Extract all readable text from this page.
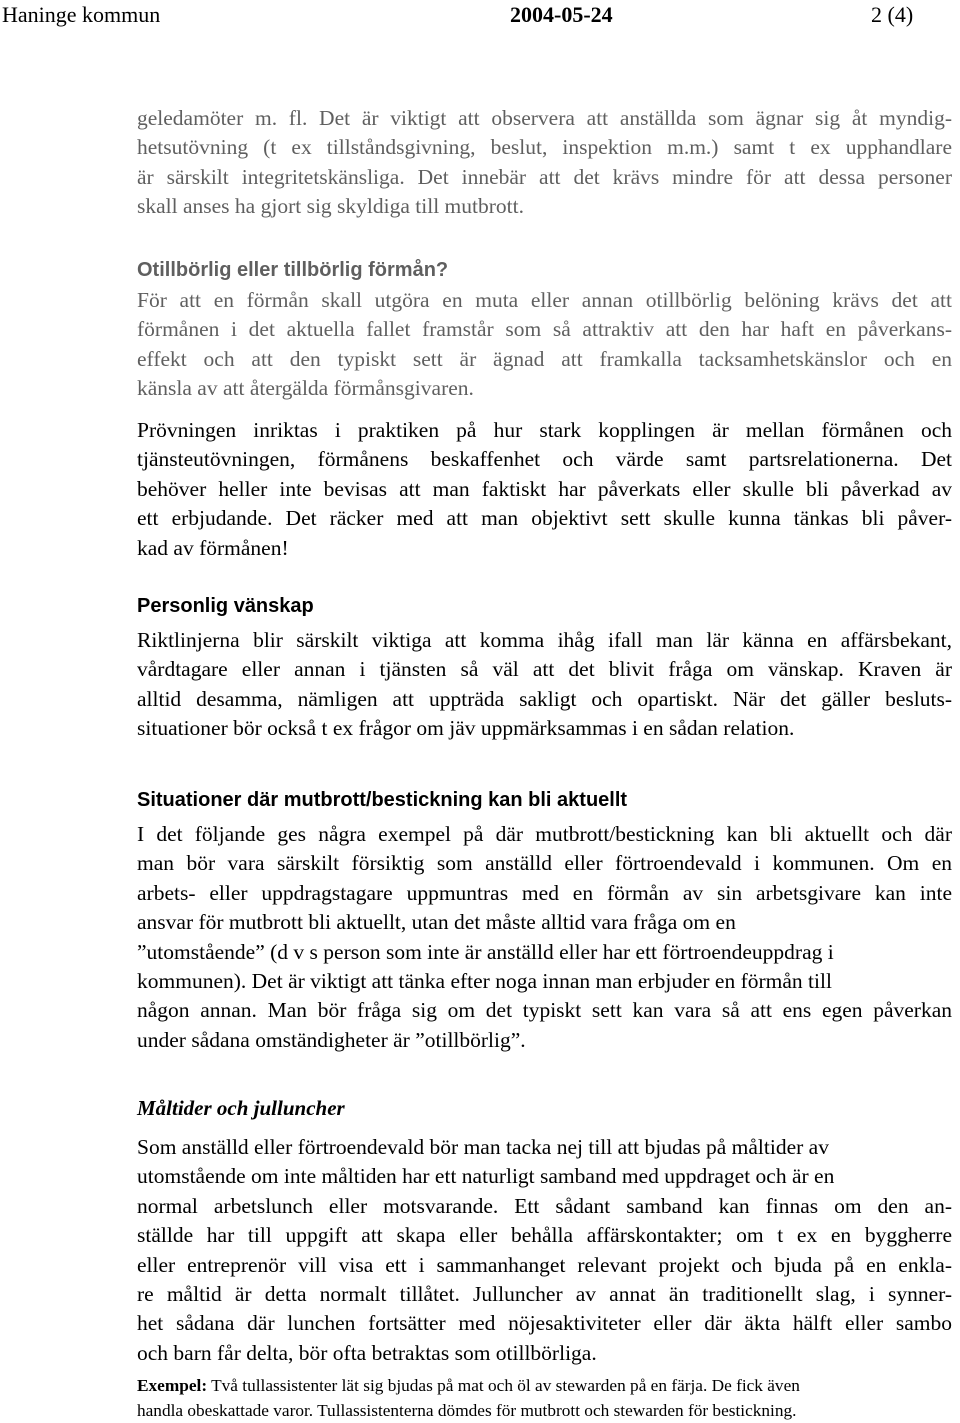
Haninge kommun	2004-05-24	2 (4)
geledamöter m. fl. Det är viktigt att observera att anställda som ägnar sig åt myndig-
hetsutövning (t ex tillståndsgivning, beslut, inspektion m.m.) samt t ex upphandlare
är särskilt integritetskänsliga. Det innebär att det krävs mindre för att dessa personer
skall anses ha gjort sig skyldiga till mutbrott.
Otillbörlig eller tillbörlig förmån?
För att en förmån skall utgöra en muta eller annan otillbörlig belöning krävs det att
förmånen i det aktuella fallet framstår som så attraktiv att den har haft en påverkans-
effekt och att den typiskt sett är ägnad att framkalla tacksamhetskänslor och en
känsla av att återgälda förmånsgivaren.
Prövningen inriktas i praktiken på hur stark kopplingen är mellan förmånen och
tjänsteutövningen, förmånens beskaffenhet och värde samt partsrelationerna. Det
behöver heller inte bevisas att man faktiskt har påverkats eller skulle bli påverkad av
ett erbjudande. Det räcker med att man objektivt sett skulle kunna tänkas bli påver-
kad av förmånen!
Personlig vänskap
Riktlinjerna blir särskilt viktiga att komma ihåg ifall man lär känna en affärsbekant,
vårdtagare eller annan i tjänsten så väl att det blivit fråga om vänskap. Kraven är
alltid desamma, nämligen att uppträda sakligt och opartiskt. När det gäller besluts-
situationer bör också t ex frågor om jäv uppmärksammas i en sådan relation.
Situationer där mutbrott/bestickning kan bli aktuellt
I det följande ges några exempel på där mutbrott/bestickning kan bli aktuellt och där
man bör vara särskilt försiktig som anställd eller förtroendevald i kommunen. Om en
arbets- eller uppdragstagare uppmuntras med en förmån av sin arbetsgivare kan inte
ansvar för mutbrott bli aktuellt, utan det måste alltid vara fråga om en
”utomstående” (d v s person som inte är anställd eller har ett förtroendeuppdrag i
kommunen). Det är viktigt att tänka efter noga innan man erbjuder en förmån till
någon annan. Man bör fråga sig om det typiskt sett kan vara så att ens egen påverkan
under sådana omständigheter är ”otillbörlig”.
Måltider och julluncher
Som anställd eller förtroendevald bör man tacka nej till att bjudas på måltider av
utomstående om inte måltiden har ett naturligt samband med uppdraget och är en
normal arbetslunch eller motsvarande. Ett sådant samband kan finnas om den an-
ställde har till uppgift att skapa eller behålla affärskontakter; om t ex en byggherre
eller entreprenör vill visa ett i sammanhanget relevant projekt och bjuda på en enkla-
re måltid är detta normalt tillåtet. Julluncher av annat än traditionellt slag, i synner-
het sådana där lunchen fortsätter med nöjesaktiviteter eller där äkta hälft eller sambo
och barn får delta, bör ofta betraktas som otillbörliga.
Exempel: Två tullassistenter lät sig bjudas på mat och öl av stewarden på en färja. De fick även
handla obeskattade varor. Tullassistenterna dömdes för mutbrott och stewarden för bestickning.
